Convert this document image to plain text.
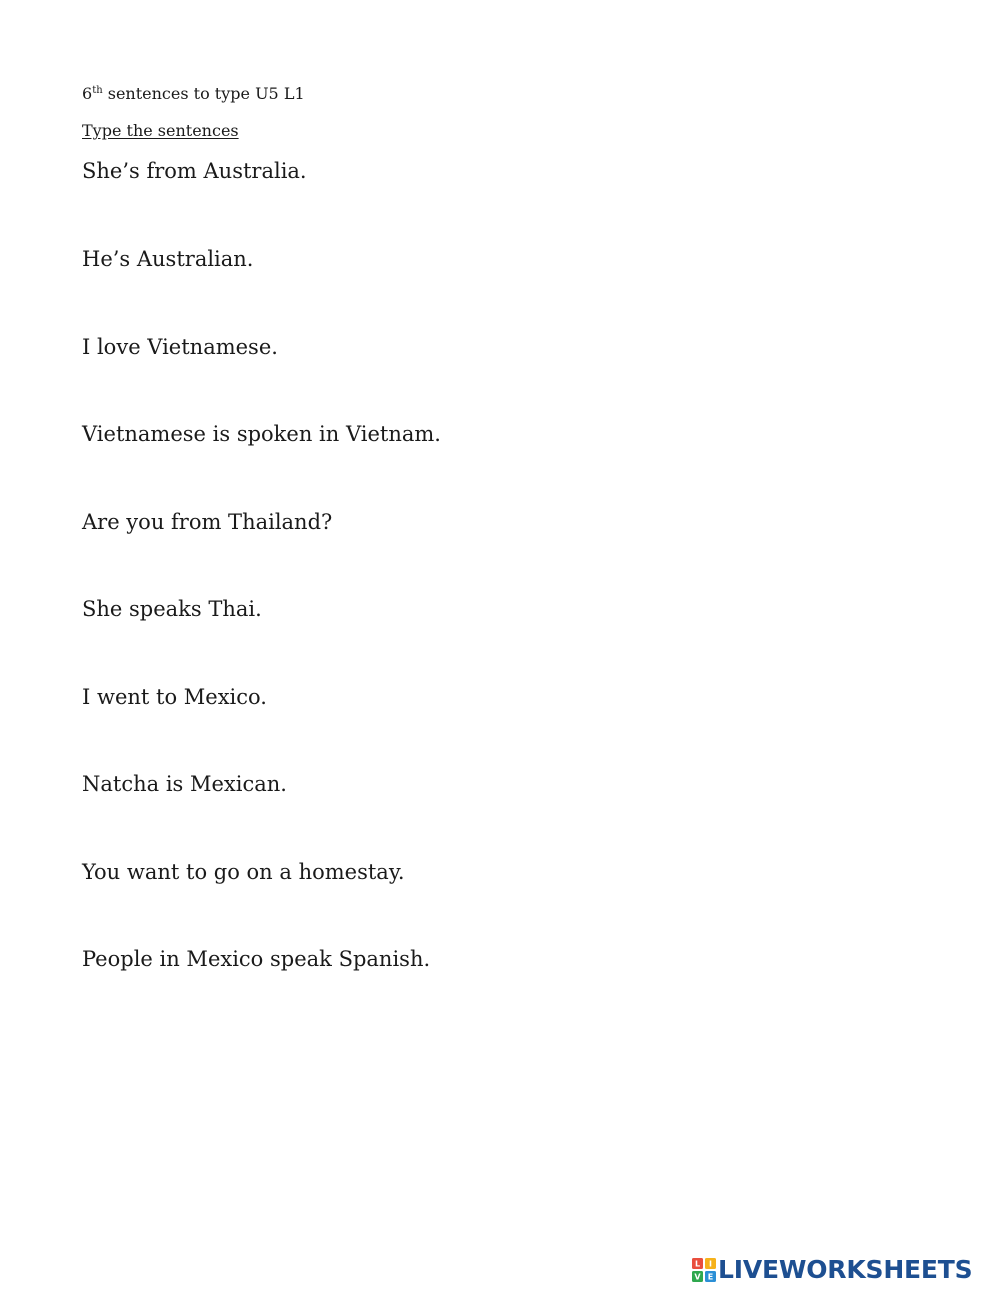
6th sentences to type U5 L1
Type the sentences
She’s from Australia.
He’s Australian.
I love Vietnamese.
Vietnamese is spoken in Vietnam.
Are you from Thailand?
She speaks Thai.
I went to Mexico.
Natcha is Mexican.
You want to go on a homestay.
People in Mexico speak Spanish.
L I
V E LIVEWORKSHEETS
